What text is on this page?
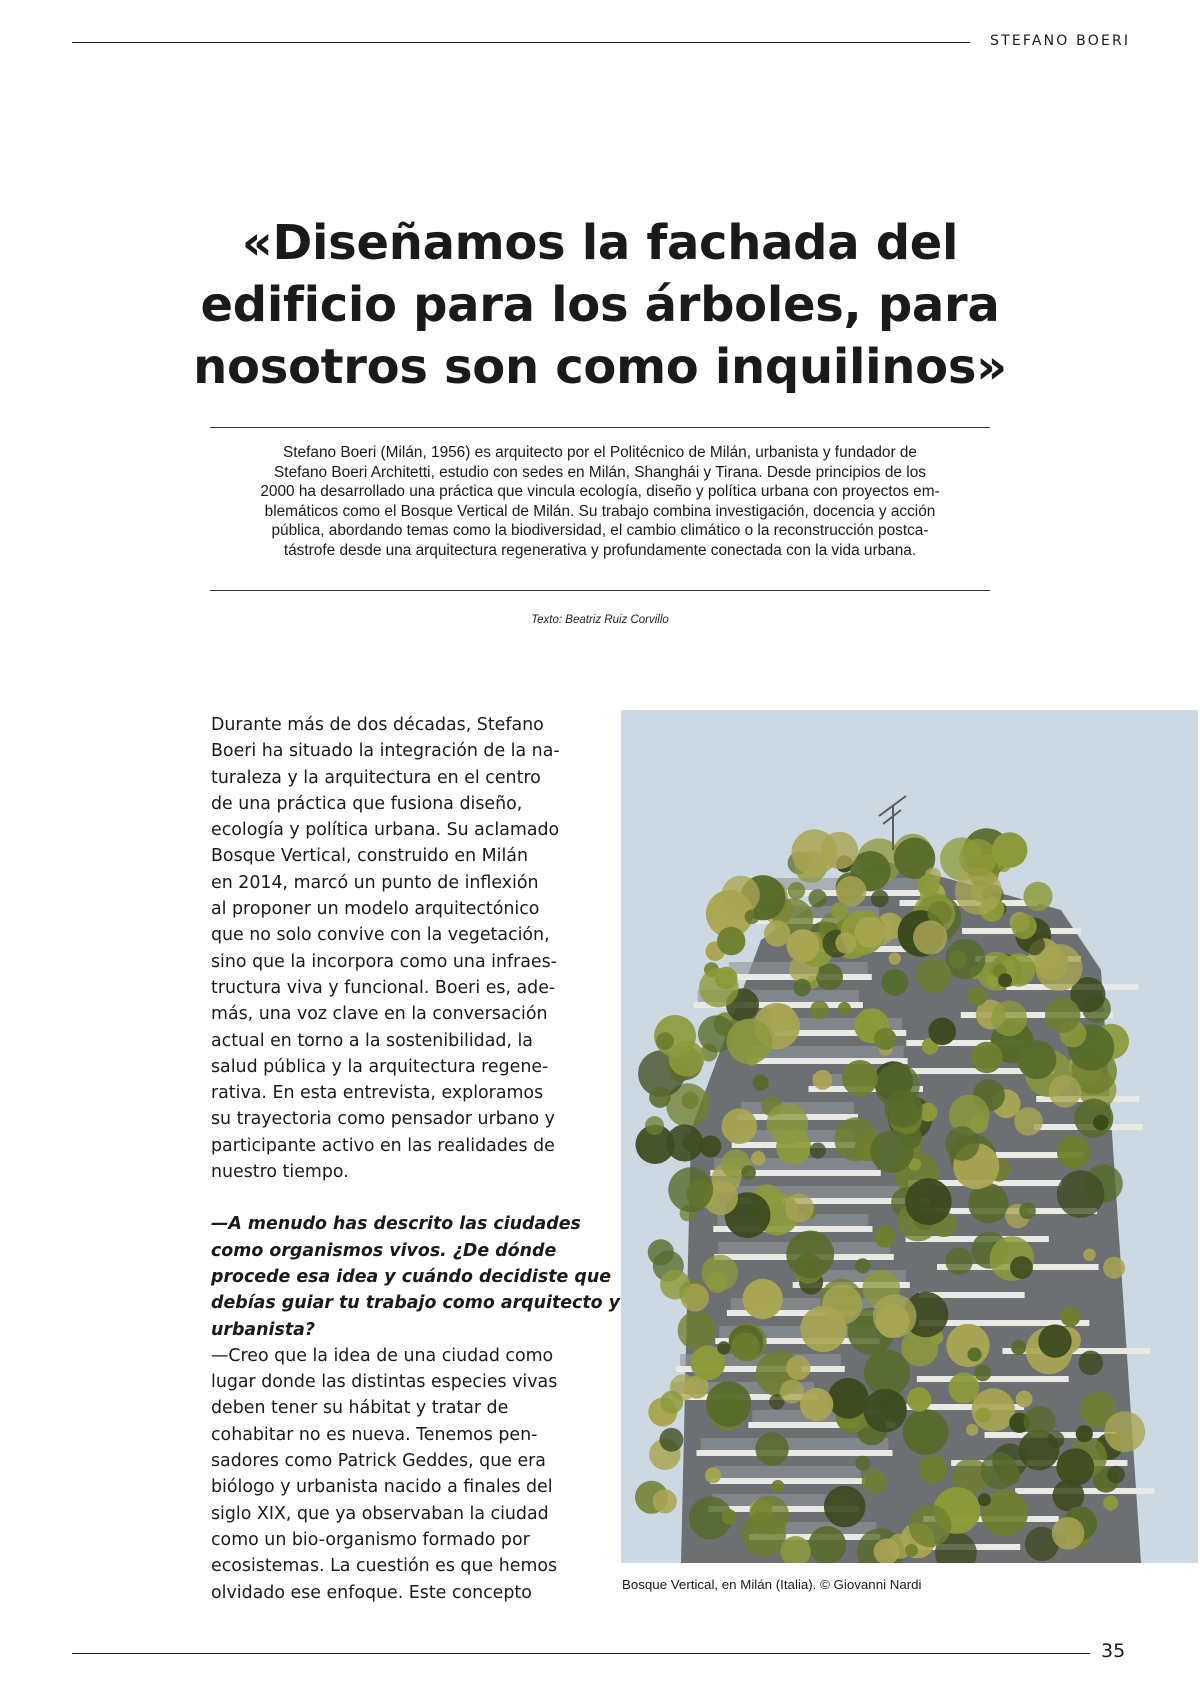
STEFANO BOERI
«Diseñamos la fachada del
edificio para los árboles, para
nosotros son como inquilinos»
Stefano Boeri (Milán, 1956) es arquitecto por el Politécnico de Milán, urbanista y fundador de
Stefano Boeri Architetti, estudio con sedes en Milán, Shanghái y Tirana. Desde principios de los
2000 ha desarrollado una práctica que vincula ecología, diseño y política urbana con proyectos em-
blemáticos como el Bosque Vertical de Milán. Su trabajo combina investigación, docencia y acción
pública, abordando temas como la biodiversidad, el cambio climático o la reconstrucción postca-
tástrofe desde una arquitectura regenerativa y profundamente conectada con la vida urbana.
Texto: Beatriz Ruiz Corvillo
Durante más de dos décadas, Stefano
Boeri ha situado la integración de la na-
turaleza y la arquitectura en el centro
de una práctica que fusiona diseño,
ecología y política urbana. Su aclamado
Bosque Vertical, construido en Milán
en 2014, marcó un punto de inflexión
al proponer un modelo arquitectónico
que no solo convive con la vegetación,
sino que la incorpora como una infraes-
tructura viva y funcional. Boeri es, ade-
más, una voz clave en la conversación
actual en torno a la sostenibilidad, la
salud pública y la arquitectura regene-
rativa. En esta entrevista, exploramos
su trayectoria como pensador urbano y
participante activo en las realidades de
nuestro tiempo.
—A menudo has descrito las ciudades
como organismos vivos. ¿De dónde
procede esa idea y cuándo decidiste que
debías guiar tu trabajo como arquitecto y
urbanista?
—Creo que la idea de una ciudad como
lugar donde las distintas especies vivas
deben tener su hábitat y tratar de
cohabitar no es nueva. Tenemos pen-
sadores como Patrick Geddes, que era
biólogo y urbanista nacido a finales del
siglo XIX, que ya observaban la ciudad
como un bio-organismo formado por
ecosistemas. La cuestión es que hemos
olvidado ese enfoque. Este concepto	Bosque Vertical, en Milán (Italia). © Giovanni Nardi
35
